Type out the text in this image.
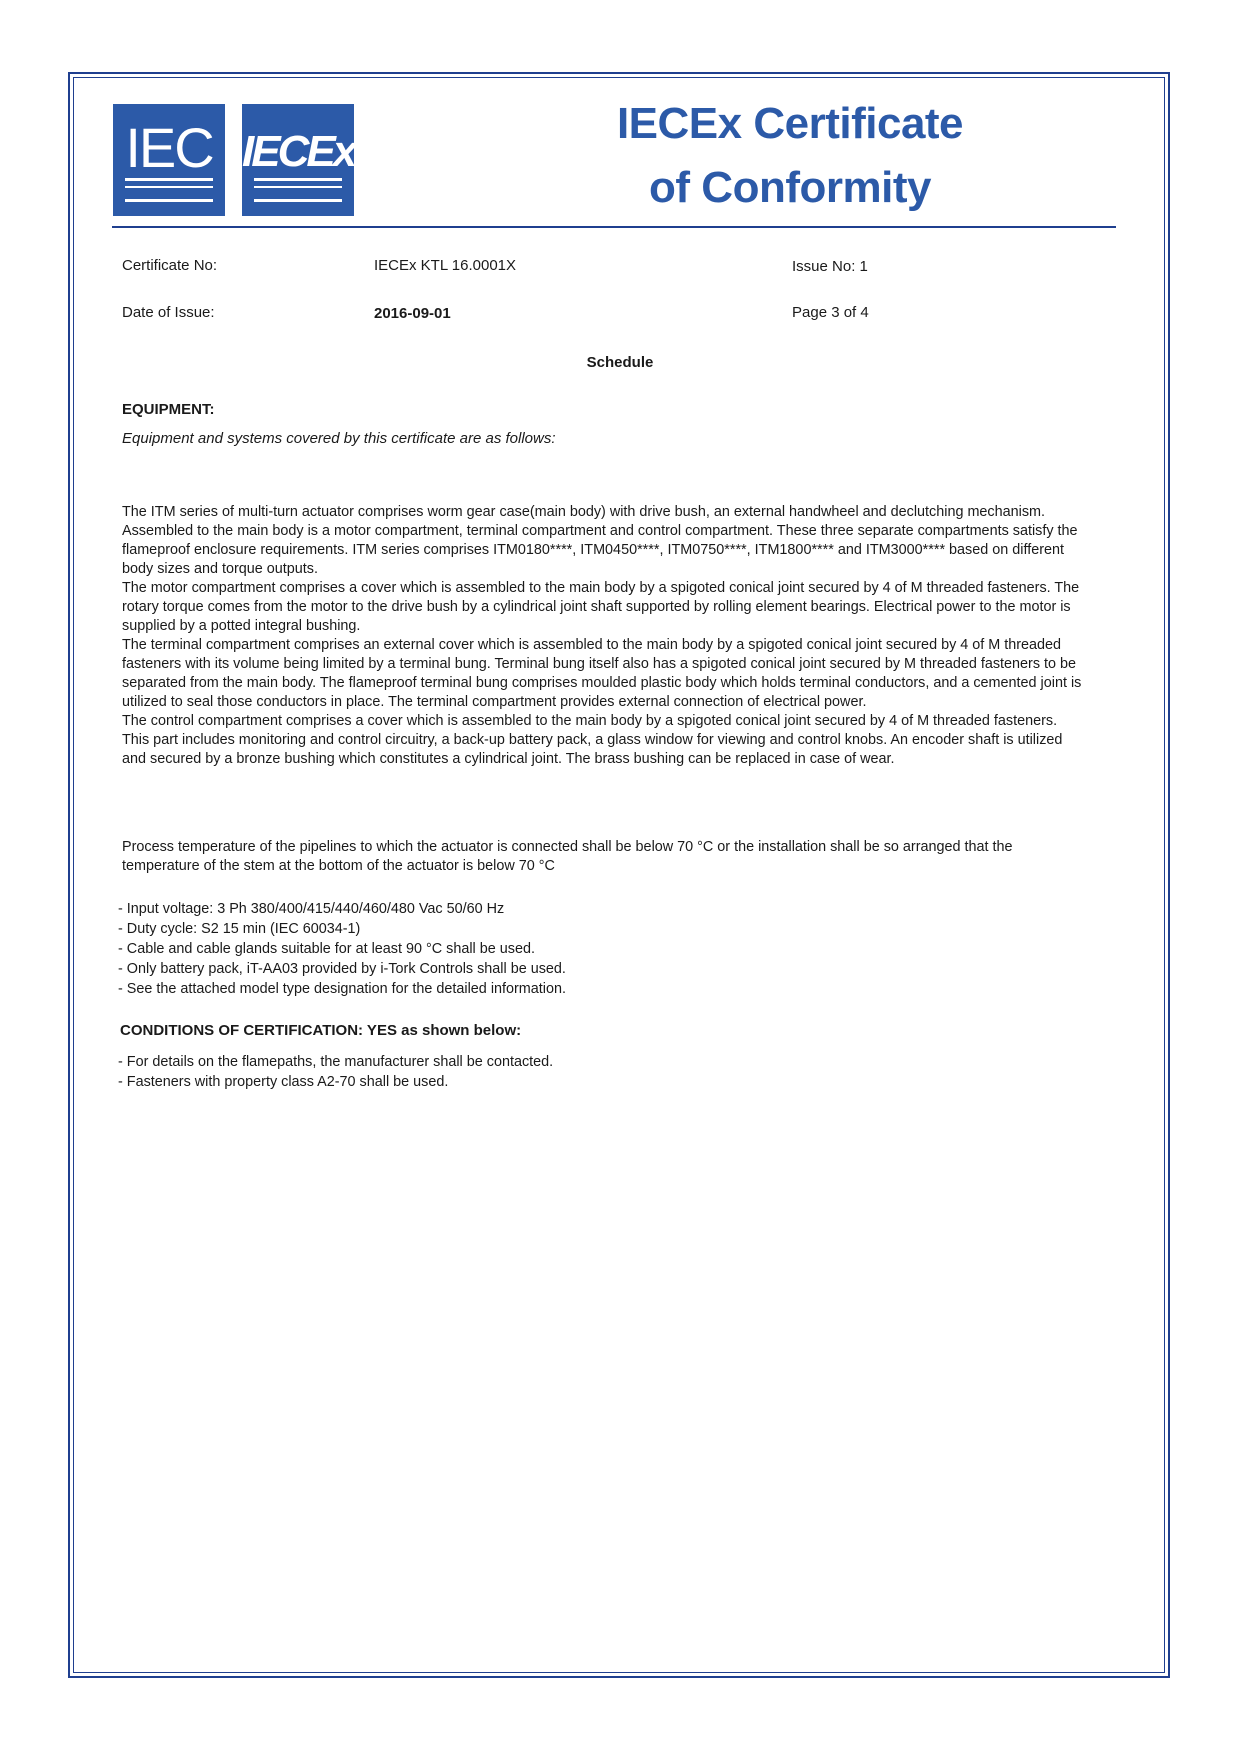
IEC IECEx
IECEx Certificate
of Conformity
Certificate No:	IECEx KTL 16.0001X	Issue No: 1
Date of Issue:	2016-09-01	Page 3 of 4
Schedule
EQUIPMENT:
Equipment and systems covered by this certificate are as follows:
The ITM series of multi-turn actuator comprises worm gear case(main body) with drive bush, an external handwheel and declutching mechanism. Assembled to the main body is a motor compartment, terminal compartment and control compartment. These three separate compartments satisfy the flameproof enclosure requirements. ITM series comprises ITM0180****, ITM0450****, ITM0750****, ITM1800**** and ITM3000**** based on different body sizes and torque outputs.
The motor compartment comprises a cover which is assembled to the main body by a spigoted conical joint secured by 4 of M threaded fasteners. The rotary torque comes from the motor to the drive bush by a cylindrical joint shaft supported by rolling element bearings. Electrical power to the motor is supplied by a potted integral bushing.
The terminal compartment comprises an external cover which is assembled to the main body by a spigoted conical joint secured by 4 of M threaded fasteners with its volume being limited by a terminal bung. Terminal bung itself also has a spigoted conical joint secured by M threaded fasteners to be separated from the main body. The flameproof terminal bung comprises moulded plastic body which holds terminal conductors, and a cemented joint is utilized to seal those conductors in place. The terminal compartment provides external connection of electrical power.
The control compartment comprises a cover which is assembled to the main body by a spigoted conical joint secured by 4 of M threaded fasteners. This part includes monitoring and control circuitry, a back-up battery pack, a glass window for viewing and control knobs. An encoder shaft is utilized and secured by a bronze bushing which constitutes a cylindrical joint. The brass bushing can be replaced in case of wear.

Process temperature of the pipelines to which the actuator is connected shall be below 70 °C or the installation shall be so arranged that the temperature of the stem at the bottom of the actuator is below 70 °C

- Input voltage: 3 Ph 380/400/415/440/460/480 Vac 50/60 Hz
- Duty cycle: S2 15 min (IEC 60034-1)
- Cable and cable glands suitable for at least 90 °C shall be used.
- Only battery pack, iT-AA03 provided by i-Tork Controls shall be used.
- See the attached model type designation for the detailed information.
CONDITIONS OF CERTIFICATION: YES as shown below:
- For details on the flamepaths, the manufacturer shall be contacted.
- Fasteners with property class A2-70 shall be used.
